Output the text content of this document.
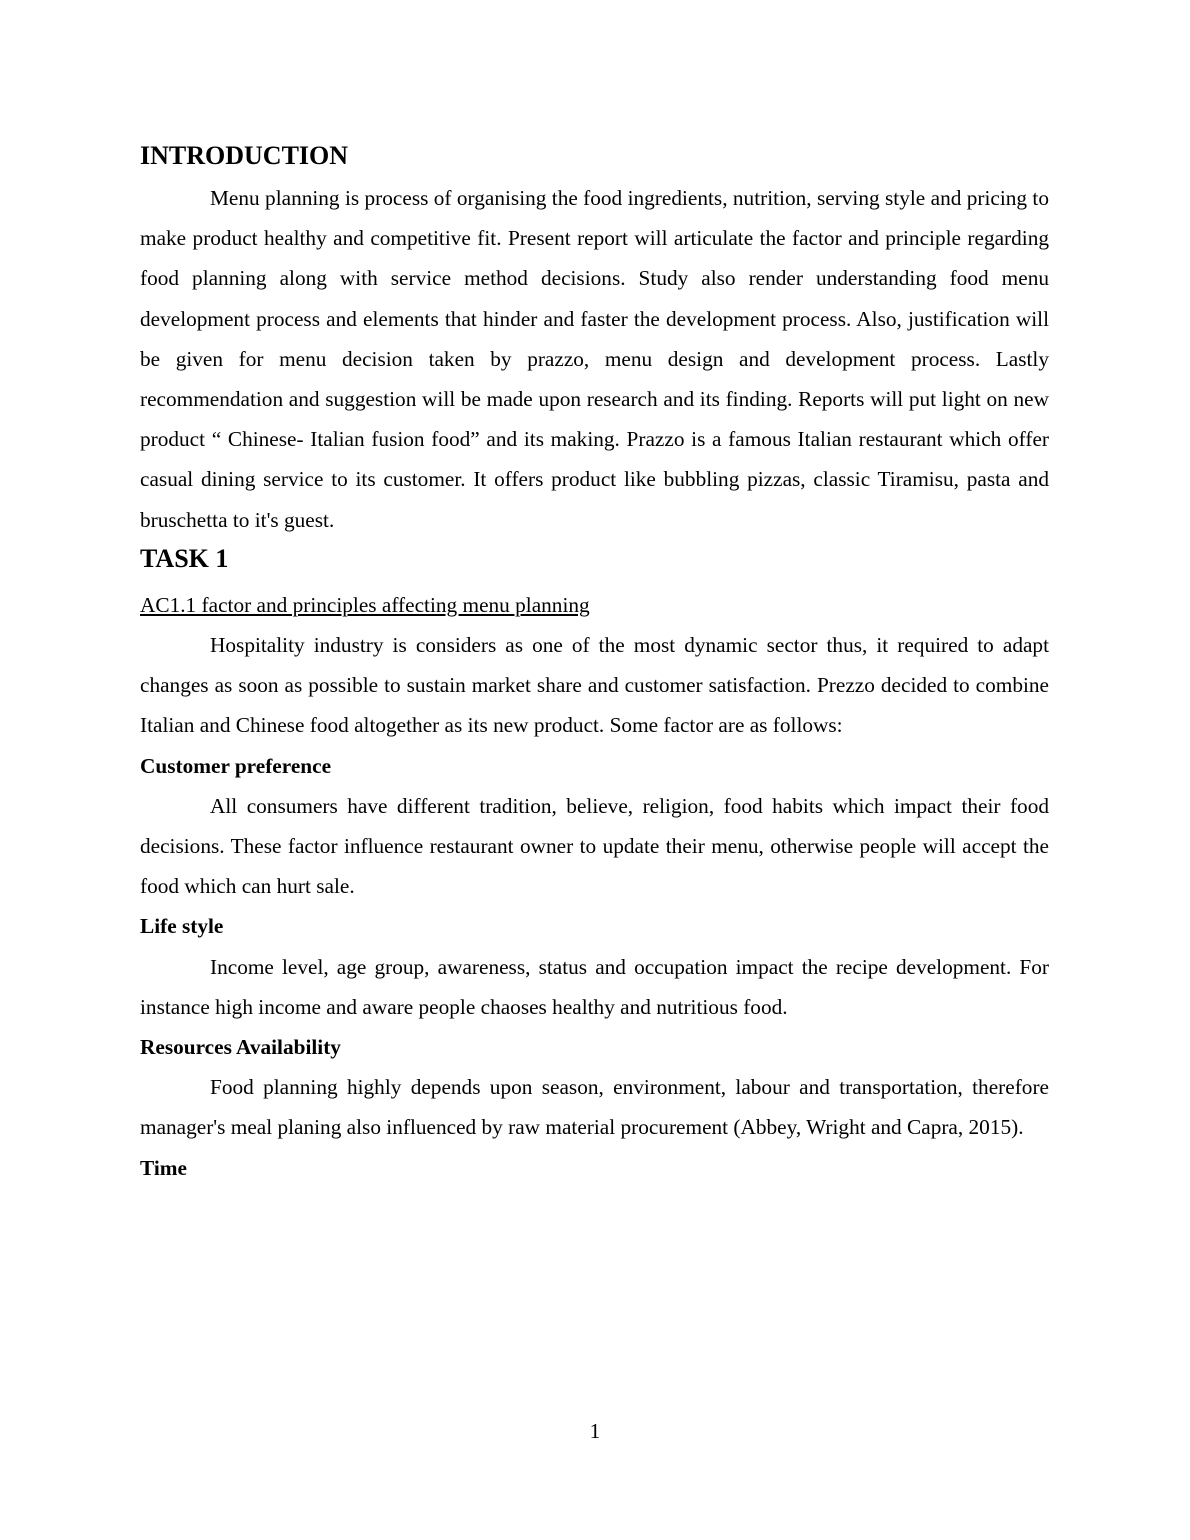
INTRODUCTION

Menu planning is process of organising the food ingredients, nutrition, serving style and pricing to make product healthy and competitive fit. Present report will articulate the factor and principle regarding food planning along with service method decisions. Study also render understanding food menu development process and elements that hinder and faster the development process. Also, justification will be given for menu decision taken by prazzo, menu design and development process. Lastly recommendation and suggestion will be made upon research and its finding. Reports will put light on new product “ Chinese- Italian fusion food” and its making. Prazzo is a famous Italian restaurant which offer casual dining service to its customer. It offers product like bubbling pizzas, classic Tiramisu, pasta and bruschetta to it's guest.

TASK 1
AC1.1 factor and principles affecting menu planning

Hospitality industry is considers as one of the most dynamic sector thus, it required to adapt changes as soon as possible to sustain market share and customer satisfaction. Prezzo decided to combine Italian and Chinese food altogether as its new product. Some factor are as follows:

Customer preference

All consumers have different tradition, believe, religion, food habits which impact their food decisions. These factor influence restaurant owner to update their menu, otherwise people will accept the food which can hurt sale.

Life style

Income level, age group, awareness, status and occupation impact the recipe development. For instance high income and aware people chaoses healthy and nutritious food.

Resources Availability

Food planning highly depends upon season, environment, labour and transportation, therefore manager's meal planing also influenced by raw material procurement (Abbey, Wright and Capra, 2015).

Time
1
